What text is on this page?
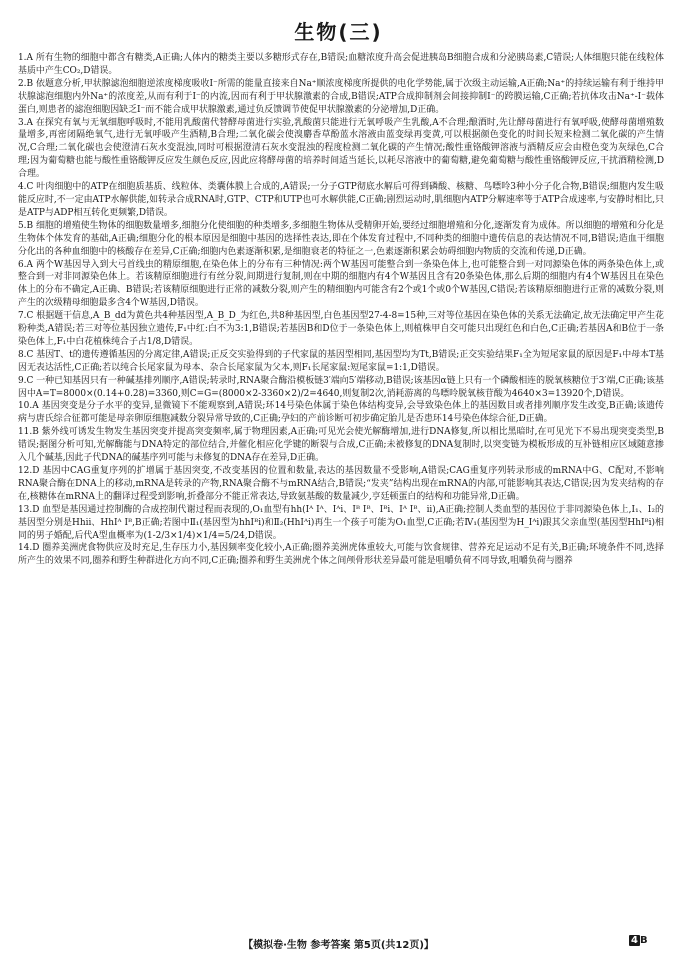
生物(三)

1.A 所有生物的细胞中都含有糖类,A正确;人体内的糖类主要以多糖形式存在,B错误;血糖浓度升高会促进胰岛B细胞合成和分泌胰岛素,C错误;人体细胞只能在线粒体基质中产生CO₂,D错误。

2.B 依题意分析,甲状腺滤泡细胞逆浓度梯度吸收I⁻所需的能量直接来自Na⁺顺浓度梯度所提供的电化学势能,属于次级主动运输,A正确;Na⁺的持续运输有利于维持甲状腺滤泡细胞内外Na⁺的浓度差,从而有利于I⁻的内流,因而有利于甲状腺激素的合成,B错误;ATP合成抑制剂会间接抑制I⁻的跨膜运输,C正确;若抗体攻击Na⁺-I⁻载体蛋白,则患者的滤泡细胞因缺乏I⁻而不能合成甲状腺激素,通过负反馈调节使促甲状腺激素的分泌增加,D正确。

3.A 在探究有氧与无氧细胞呼吸时,不能用乳酸菌代替酵母菌进行实验,乳酸菌只能进行无氧呼吸产生乳酸,A不合理;酿酒时,先让酵母菌进行有氧呼吸,使酵母菌增殖数量增多,再密闭隔绝氧气,进行无氧呼吸产生酒精,B合理;二氧化碳会使溴麝香草酚蓝水溶液由蓝变绿再变黄,可以根据颜色变化的时间长短来检测二氧化碳的产生情况,C合理;二氧化碳也会使澄清石灰水变混浊,同时可根据澄清石灰水变混浊的程度检测二氧化碳的产生情况;酸性重铬酸钾溶液与酒精反应会由橙色变为灰绿色,C合理;因为葡萄糖也能与酸性重铬酸钾反应发生颜色反应,因此应将酵母菌的培养时间适当延长,以耗尽溶液中的葡萄糖,避免葡萄糖与酸性重铬酸钾反应,干扰酒精检测,D合理。

4.C 叶肉细胞中的ATP在细胞质基质、线粒体、类囊体膜上合成的,A错误;一分子GTP彻底水解后可得到磷酸、核糖、鸟嘌呤3种小分子化合物,B错误;细胞内发生吸能反应时,不一定由ATP水解供能,如转录合成RNA时,GTP、CTP和UTP也可水解供能,C正确;剧烈运动时,肌细胞内ATP分解速率等于ATP合成速率,与安静时相比,只是ATP与ADP相互转化更频繁,D错误。

5.B 细胞的增殖使生物体的细胞数量增多,细胞分化使细胞的种类增多,多细胞生物体从受精卵开始,要经过细胞增殖和分化,逐渐发育为成体。所以细胞的增殖和分化是生物体个体发育的基础,A正确;细胞分化的根本原因是细胞中基因的选择性表达,即在个体发育过程中,不同种类的细胞中遗传信息的表达情况不同,B错误;造血干细胞分化出的各种血细胞中的核酸存在差异,C正确;细胞内色素逐渐积累,是细胞衰老的特征之一,色素逐渐积累会妨碍细胞内物质的交流和传递,D正确。

6.A 两个W基因导入到大弓首线虫的精原细胞,在染色体上的分布有三种情况:两个W基因可能整合到一条染色体上,也可能整合到一对同源染色体的两条染色体上,或整合到一对非同源染色体上。若该精原细胞进行有丝分裂,间期进行复制,则在中期的细胞内有4个W基因且含有20条染色体,那么后期的细胞内有4个W基因且在染色体上的分布不确定,A正确、B错误;若该精原细胞进行正常的减数分裂,则产生的精细胞内可能含有2个或1个或0个W基因,C错误;若该精原细胞进行正常的减数分裂,则产生的次级精母细胞最多含4个W基因,D错误。

7.C 根据题干信息,A_B_dd为黄色共4种基因型,A_B_D_为红色,共8种基因型,白色基因型27-4-8=15种,三对等位基因在染色体的关系无法确定,故无法确定甲产生花粉种类,A错误;若三对等位基因独立遗传,F₁中红:白不为3:1,B错误;若基因B和D位于一条染色体上,则植株甲自交可能只出现红色和白色,C正确;若基因A和B位于一条染色体上,F₁中白花植株纯合子占1/8,D错误。

8.C 基因T、t的遗传遵循基因的分离定律,A错误;正反交实验得到的子代家鼠的基因型相同,基因型均为Tt,B错误;正交实验结果F₁全为短尾家鼠的原因是F₁中母本T基因无表达活性,C正确;若以纯合长尾家鼠为母本、杂合长尾家鼠为父本,则F₁长尾家鼠:短尾家鼠=1:1,D错误。

9.C 一种已知基因只有一种碱基排列顺序,A错误;转录时,RNA聚合酶沿模板链3′端向5′端移动,B错误;该基因α链上只有一个磷酸相连的脱氧核糖位于3′端,C正确;该基因中A=T=8000×(0.14+0.28)=3360,则C=G=(8000×2-3360×2)/2=4640,则复制2次,消耗游离的鸟嘌呤脱氧核苷酸为4640×3=13920个,D错误。

10.A 基因突变是分子水平的变异,显微镜下不能观察到,A错误;环14号染色体属于染色体结构变异,会导致染色体上的基因数目或者排列顺序发生改变,B正确;该遗传病与唐氏综合征都可能是母亲卵原细胞减数分裂异常导致的,C正确;孕妇的产前诊断可初步确定胎儿是否患环14号染色体综合征,D正确。

11.B 紫外线可诱发生物发生基因突变并提高突变频率,属于物理因素,A正确;可见光会使光解酶增加,进行DNA修复,所以相比黑暗时,在可见光下不易出现突变类型,B错误;据图分析可知,光解酶能与DNA特定的部位结合,并催化相应化学键的断裂与合成,C正确;未被修复的DNA复制时,以突变链为模板形成的互补链相应区域随意掺入几个碱基,因此子代DNA的碱基序列可能与未修复的DNA存在差异,D正确。

12.D 基因中CAG重复序列的扩增属于基因突变,不改变基因的位置和数量,表达的基因数量不受影响,A错误;CAG重复序列转录形成的mRNA中G、C配对,不影响RNA聚合酶在DNA上的移动,mRNA是转录的产物,RNA聚合酶不与mRNA结合,B错误;“发夹”结构出现在mRNA的内部,可能影响其表达,C错误;因为发夹结构的存在,核糖体在mRNA上的翻译过程受到影响,折叠部分不能正常表达,导致氨基酸的数量减少,亨廷顿蛋白的结构和功能异常,D正确。

13.D 血型是基因通过控制酶的合成控制代谢过程而表现的,O₁血型有hh(Iᴬ Iᴬ、Iᴬi、Iᴮ Iᴮ、Iᴮi、Iᴬ Iᴮ、ii),A正确;控制人类血型的基因位于非同源染色体上,Ⅰ₁、Ⅰ₂的基因型分别是Hhii、HhIᴬ Iᴮ,B正确;若图中Ⅱ₁(基因型为hhIᴮi)和Ⅱ₂(HhIᴬi)再生一个孩子可能为O₁血型,C正确;若Ⅳ₁(基因型为H_Iᴬi)跟其父亲血型(基因型HhIᴮi)相同的男子婚配,后代A型血概率为(1-2/3×1/4)×1/4=5/24,D错误。

14.D 圈养美洲虎食物供应及时充足,生存压力小,基因频率变化较小,A正确;圈养美洲虎体重较大,可能与饮食规律、营养充足运动不足有关,B正确;环境条件不同,选择所产生的效果不同,圈养和野生种群进化方向不同,C正确;圈养和野生美洲虎个体之间颅骨形状差异最可能是咀嚼负荷不同导致,咀嚼负荷与圈养

【模拟卷·生物 参考答案 第5页(共12页)】	4 B
